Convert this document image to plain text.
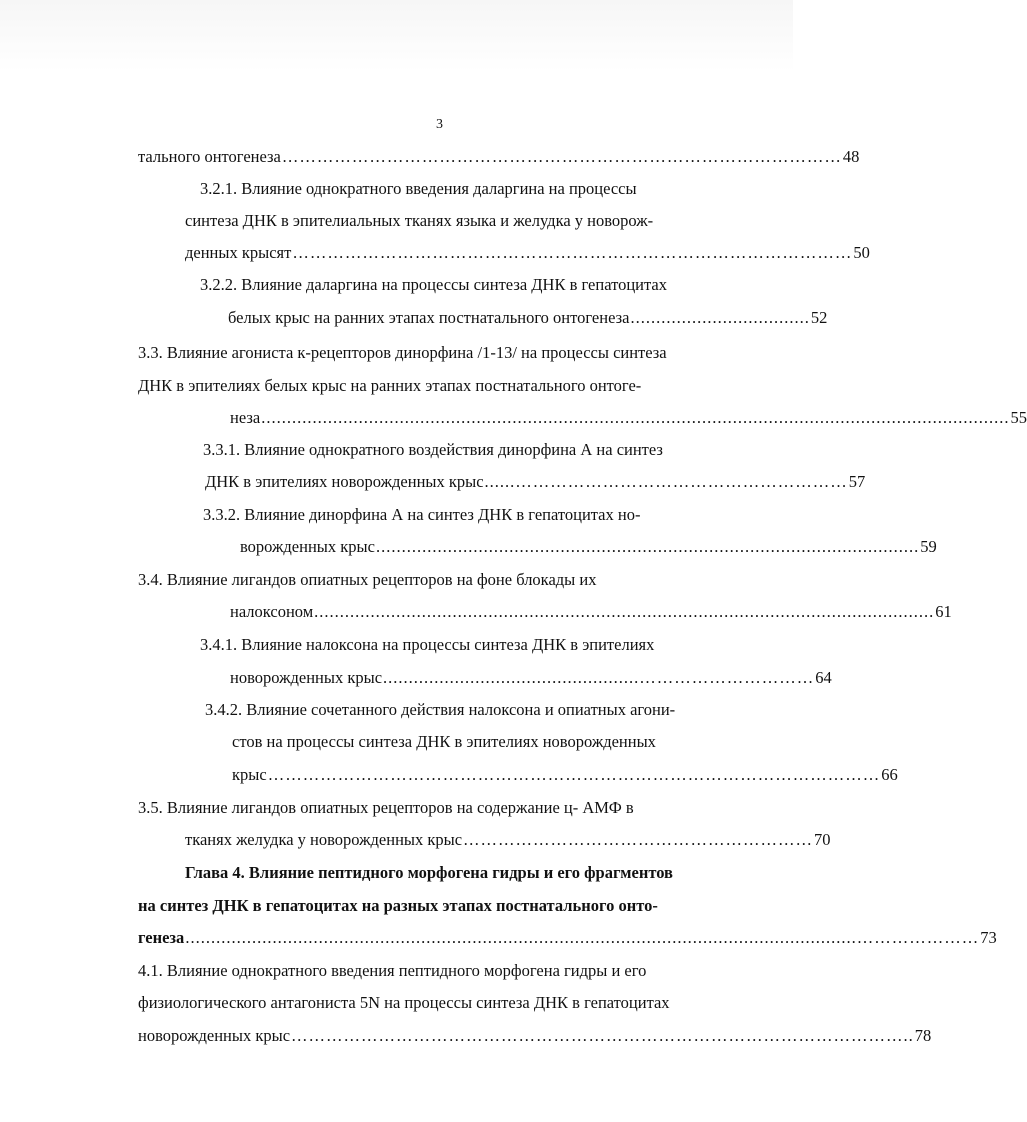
3
тального онтогенеза …………………………………………………………………………………… 48
3.2.1. Влияние однократного введения даларгина на процессы
синтеза ДНК в эпителиальных тканях языка и желудка у новорож-
денных крысят …………………………………………………………………………………… 50
3.2.2. Влияние даларгина на процессы синтеза ДНК в гепатоцитах
белых крыс на ранних этапах постнатального онтогенеза ................................... 52
3.3. Влияние агониста к-рецепторов динорфина /1-13/ на процессы синтеза
ДНК в эпителиях белых крыс на ранних этапах постнатального онтоге-
неза .................................................................................................................................................. 55
3.3.1. Влияние однократного воздействия динорфина А на синтез
ДНК в эпителиях новорожденных крыс ......………………………………………………… 57
3.3.2. Влияние динорфина А на синтез ДНК в гепатоцитах но-
ворожденных крыс .......................................................................................................... 59
3.4. Влияние лигандов опиатных рецепторов на фоне блокады их
налоксоном ......................................................................................................................... 61
3.4.1. Влияние налоксона на процессы синтеза ДНК в эпителиях
новорожденных крыс ..................................................………………………… 64
3.4.2. Влияние сочетанного действия налоксона и опиатных агони-
стов на процессы синтеза ДНК в эпителиях новорожденных
крыс …………………………………………………………………………………………… 66
3.5. Влияние лигандов опиатных рецепторов на содержание ц- АМФ в
тканях желудка у новорожденных крыс …………………………………………………… 70
Глава 4. Влияние пептидного морфогена гидры и его фрагментов
на синтез ДНК в гепатоцитах на разных этапах постнатального онто-
генеза ...................................................................................................................................………………… 73
4.1. Влияние однократного введения пептидного морфогена гидры и его
физиологического антагониста 5N на процессы синтеза ДНК в гепатоцитах
новорожденных крыс …………………………………………………………………………………………….. 78
